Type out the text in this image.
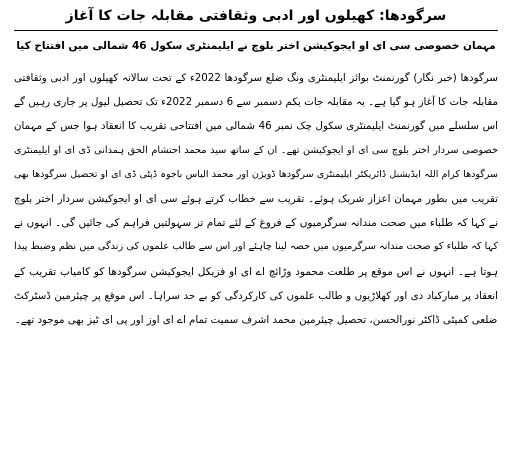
سرگودھا: کھیلوں اور ادبی وثقافتی مقابلہ جات کا آغاز
مہمان خصوصی سی ای او ایجوکیشن اختر بلوچ نے ایلیمنٹری سکول 46 شمالی میں افتتاح کیا
سرگودھا (خبر نگار) گورنمنٹ بوائز ایلیمنٹری ونگ ضلع سرگودھا 2022ء کے تحت سالانہ کھیلوں اور ادبی وثقافتی
مقابلہ جات کا آغاز ہو گیا ہے۔ یہ مقابلہ جات یکم دسمبر سے 6 دسمبر 2022ء تک تحصیل لیول پر جاری رہیں گے
اس سلسلے میں گورنمنٹ ایلیمنٹری سکول چک نمبر 46 شمالی میں افتتاحی تقریب کا انعقاد ہوا جس کے مہمان
خصوصی سردار اختر بلوچ سی ای او ایجوکیشن تھے۔ ان کے ساتھ سید محمد احتشام الحق ہمدانی ڈی ای او ایلیمنٹری
سرگودھا کرام اللہ ایڈیشنل ڈائریکٹر ایلیمنٹری سرگودھا ڈویژن اور محمد الیاس باجوہ ڈپٹی ڈی ای او تحصیل سرگودھا بھی
تقریب میں بطور مہمان اعزاز شریک ہوئے۔ تقریب سے خطاب کرتے ہوئے سی ای او ایجوکیشن سردار اختر بلوچ
نے کہا کہ طلباء میں صحت مندانہ سرگرمیوں کے فروغ کے لئے تمام تر سہولتیں فراہم کی جائیں گی۔ انہوں نے
کہا کہ طلباء کو صحت مندانہ سرگرمیوں میں حصہ لینا چاہئے اور اس سے طالب علموں کی زندگی میں نظم وضبط پیدا
ہوتا ہے۔ انہوں نے اس موقع پر طلعت محمود وڑائچ اے ای او فزیکل ایجوکیشن سرگودھا کو کامیاب تقریب کے
انعقاد پر مبارکباد دی اور کھلاڑیوں و طالب علموں کی کارکردگی کو بے حد سراہا۔ اس موقع پر چیئرمین ڈسٹرکٹ
ضلعی کمیٹی ڈاکٹر نورالحسن، تحصیل چیئرمین محمد اشرف سمیت تمام اے ای اوز اور پی ای ٹیز بھی موجود تھے۔
